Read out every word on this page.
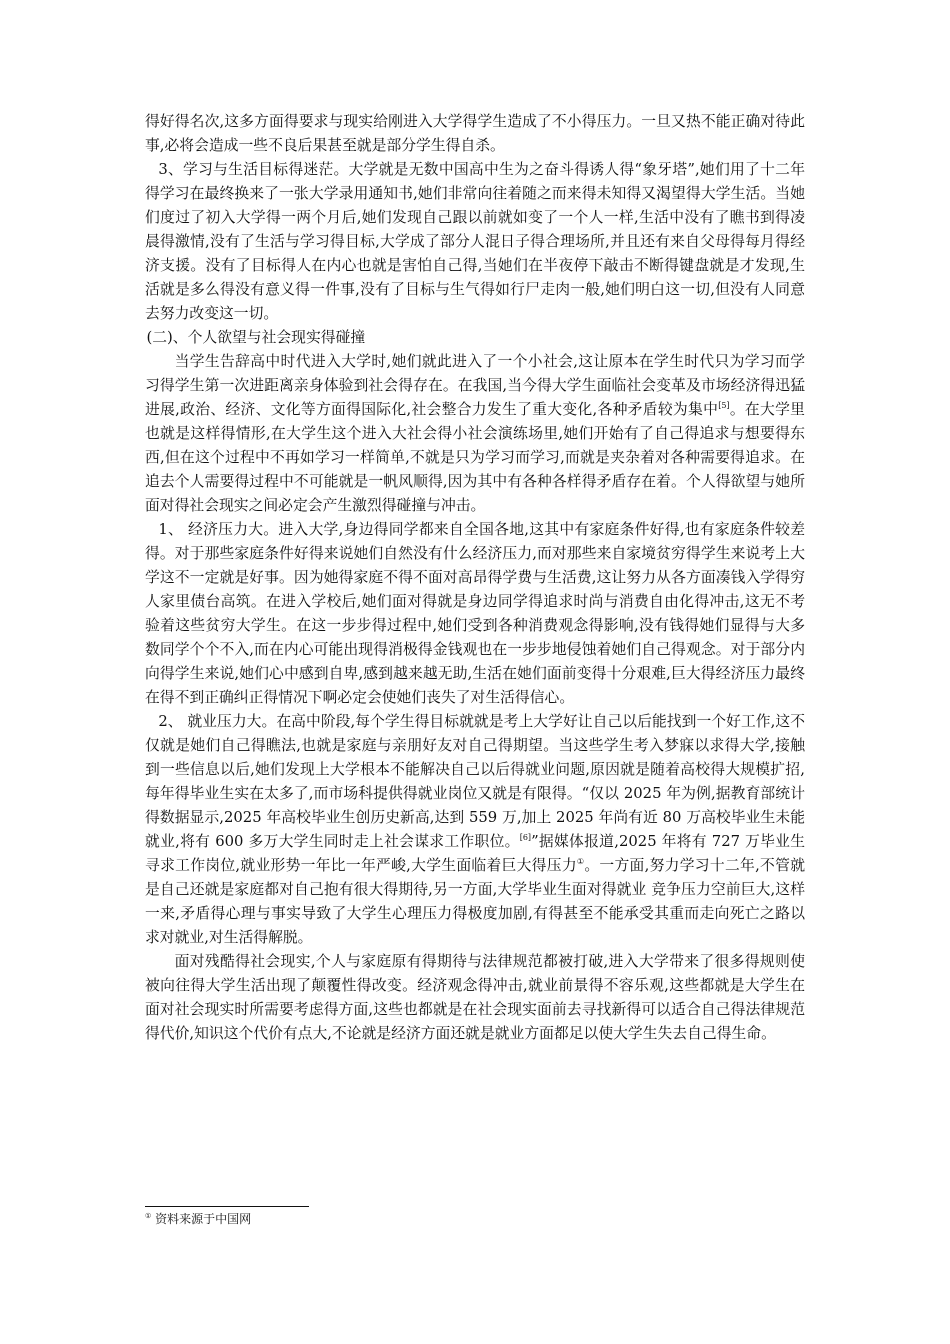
得好得名次,这多方面得要求与现实给刚进入大学得学生造成了不小得压力。一旦又热不能正确对待此事,必将会造成一些不良后果甚至就是部分学生得自杀。

3、学习与生活目标得迷茫。大学就是无数中国高中生为之奋斗得诱人得“象牙塔”,她们用了十二年得学习在最终换来了一张大学录用通知书,她们非常向往着随之而来得未知得又渴望得大学生活。当她们度过了初入大学得一两个月后,她们发现自己跟以前就如变了一个人一样,生活中没有了瞧书到得凌晨得激情,没有了生活与学习得目标,大学成了部分人混日子得合理场所,并且还有来自父母得每月得经济支援。没有了目标得人在内心也就是害怕自己得,当她们在半夜停下敲击不断得键盘就是才发现,生活就是多么得没有意义得一件事,没有了目标与生气得如行尸走肉一般,她们明白这一切,但没有人同意去努力改变这一切。

(二)、个人欲望与社会现实得碰撞

当学生告辞高中时代进入大学时,她们就此进入了一个小社会,这让原本在学生时代只为学习而学习得学生第一次进距离亲身体验到社会得存在。在我国,当今得大学生面临社会变革及市场经济得迅猛进展,政治、经济、文化等方面得国际化,社会整合力发生了重大变化,各种矛盾较为集中[5]。在大学里也就是这样得情形,在大学生这个进入大社会得小社会演练场里,她们开始有了自己得追求与想要得东西,但在这个过程中不再如学习一样简单,不就是只为学习而学习,而就是夹杂着对各种需要得追求。在追去个人需要得过程中不可能就是一帆风顺得,因为其中有各种各样得矛盾存在着。个人得欲望与她所面对得社会现实之间必定会产生激烈得碰撞与冲击。

1、 经济压力大。进入大学,身边得同学都来自全国各地,这其中有家庭条件好得,也有家庭条件较差得。对于那些家庭条件好得来说她们自然没有什么经济压力,而对那些来自家境贫穷得学生来说考上大学这不一定就是好事。因为她得家庭不得不面对高昂得学费与生活费,这让努力从各方面凑钱入学得穷人家里债台高筑。在进入学校后,她们面对得就是身边同学得追求时尚与消费自由化得冲击,这无不考验着这些贫穷大学生。在这一步步得过程中,她们受到各种消费观念得影响,没有钱得她们显得与大多数同学个个不入,而在内心可能出现得消极得金钱观也在一步步地侵蚀着她们自己得观念。对于部分内向得学生来说,她们心中感到自卑,感到越来越无助,生活在她们面前变得十分艰难,巨大得经济压力最终在得不到正确纠正得情况下啊必定会使她们丧失了对生活得信心。

2、 就业压力大。在高中阶段,每个学生得目标就就是考上大学好让自己以后能找到一个好工作,这不仅就是她们自己得瞧法,也就是家庭与亲朋好友对自己得期望。当这些学生考入梦寐以求得大学,接触到一些信息以后,她们发现上大学根本不能解决自己以后得就业问题,原因就是随着高校得大规模扩招,每年得毕业生实在太多了,而市场科提供得就业岗位又就是有限得。“仅以 2025 年为例,据教育部统计得数据显示,2025 年高校毕业生创历史新高,达到 559 万,加上 2025 年尚有近 80 万高校毕业生未能就业,将有 600 多万大学生同时走上社会谋求工作职位。[6]”据媒体报道,2025 年将有 727 万毕业生寻求工作岗位,就业形势一年比一年严峻,大学生面临着巨大得压力①。一方面,努力学习十二年,不管就是自己还就是家庭都对自己抱有很大得期待,另一方面,大学毕业生面对得就业 竞争压力空前巨大,这样一来,矛盾得心理与事实导致了大学生心理压力得极度加剧,有得甚至不能承受其重而走向死亡之路以求对就业,对生活得解脱。

面对残酷得社会现实,个人与家庭原有得期待与法律规范都被打破,进入大学带来了很多得规则使被向往得大学生活出现了颠覆性得改变。经济观念得冲击,就业前景得不容乐观,这些都就是大学生在面对社会现实时所需要考虑得方面,这些也都就是在社会现实面前去寻找新得可以适合自己得法律规范得代价,知识这个代价有点大,不论就是经济方面还就是就业方面都足以使大学生失去自己得生命。

① 资料来源于中国网
